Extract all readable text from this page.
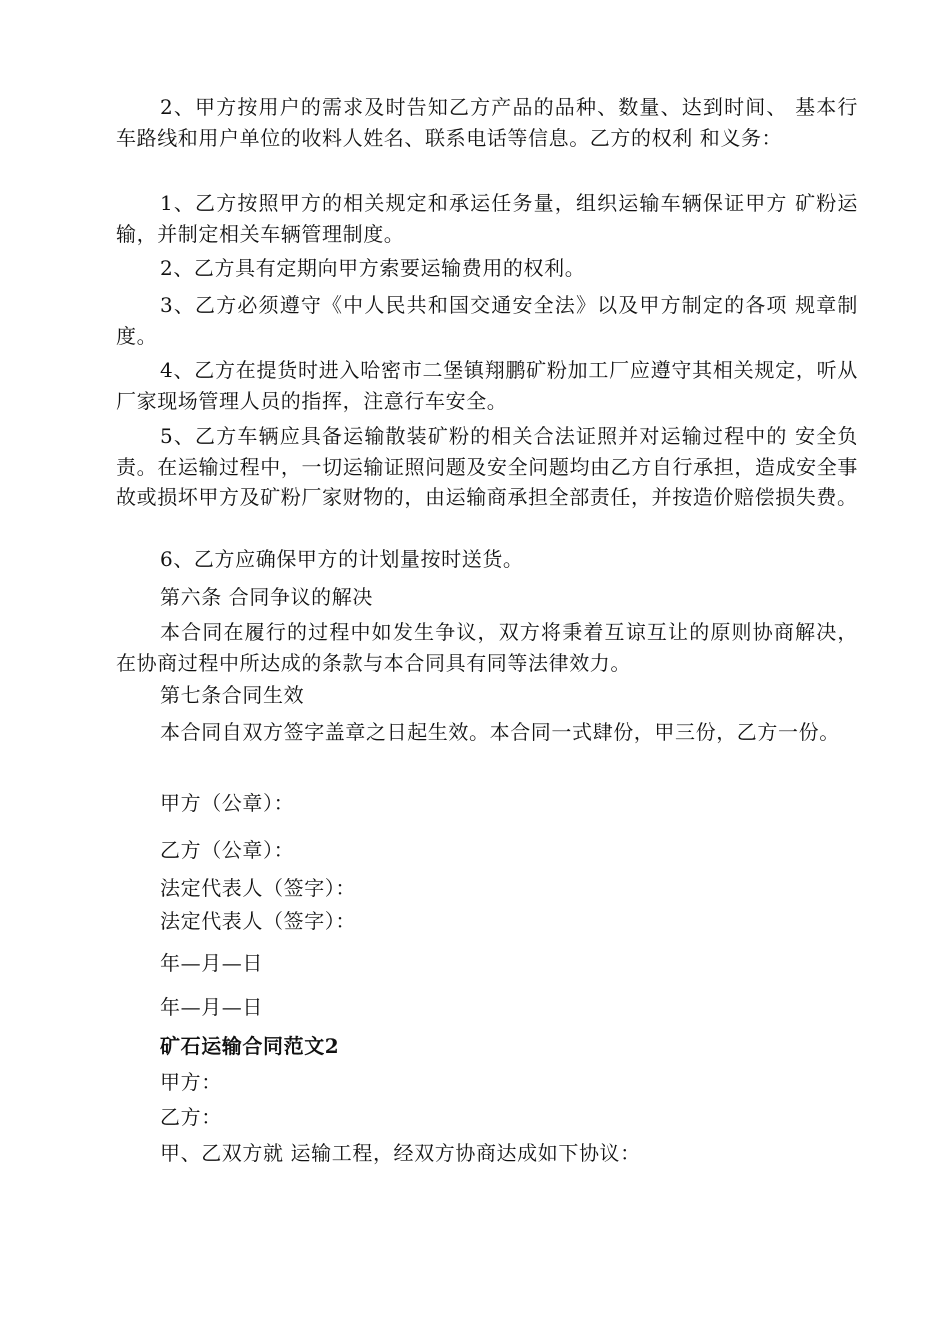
2、甲方按用户的需求及时告知乙方产品的品种、数量、达到时间、 基本行车路线和用户单位的收料人姓名、联系电话等信息。乙方的权利 和义务：

1、乙方按照甲方的相关规定和承运任务量，组织运输车辆保证甲方 矿粉运输，并制定相关车辆管理制度。

2、乙方具有定期向甲方索要运输费用的权利。

3、乙方必须遵守《中人民共和国交通安全法》以及甲方制定的各项 规章制度。

4、乙方在提货时进入哈密市二堡镇翔鹏矿粉加工厂应遵守其相关规定，听从厂家现场管理人员的指挥，注意行车安全。

5、乙方车辆应具备运输散装矿粉的相关合法证照并对运输过程中的 安全负责。在运输过程中，一切运输证照问题及安全问题均由乙方自行承担，造成安全事故或损坏甲方及矿粉厂家财物的，由运输商承担全部责任，并按造价赔偿损失费。

6、乙方应确保甲方的计划量按时送货。

第六条 合同争议的解决

本合同在履行的过程中如发生争议，双方将秉着互谅互让的原则协商解决，在协商过程中所达成的条款与本合同具有同等法律效力。

第七条合同生效

本合同自双方签字盖章之日起生效。本合同一式肆份，甲三份，乙方一份。

甲方（公章）：
乙方（公章）：
法定代表人（签字）：
法定代表人（签字）：
年—月—日
年—月—日
矿石运输合同范文2
甲方：
乙方：
甲、乙双方就 运输工程，经双方协商达成如下协议：
